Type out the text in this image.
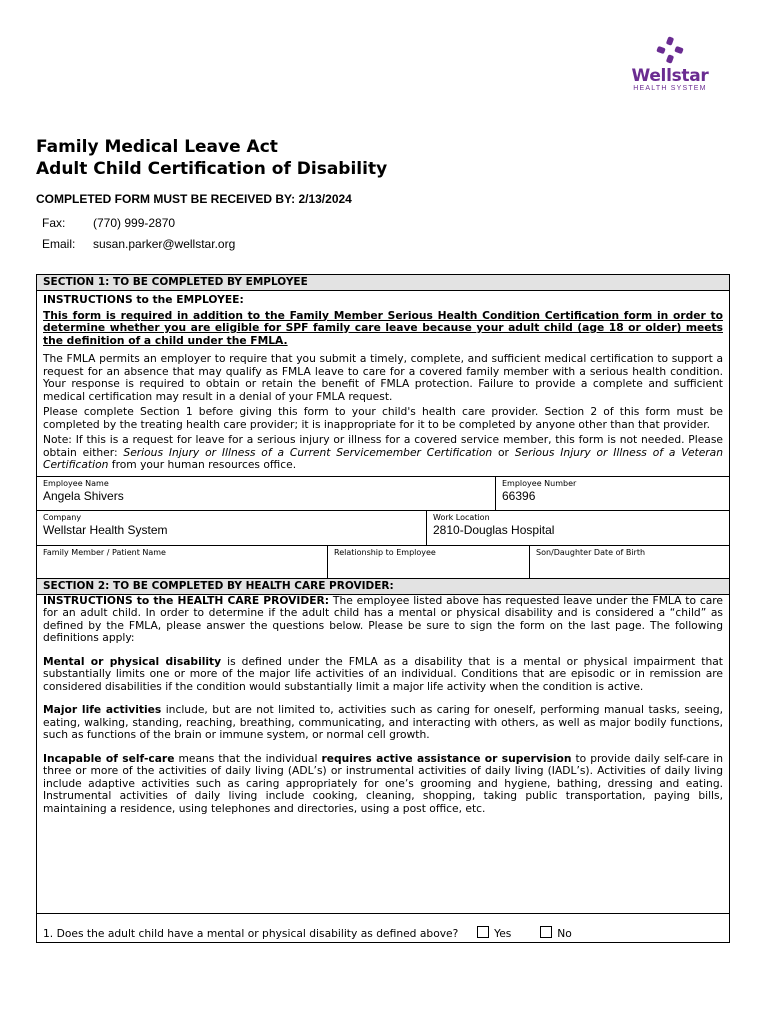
Wellstar
HEALTH SYSTEM
Family Medical Leave Act
Adult Child Certification of Disability
COMPLETED FORM MUST BE RECEIVED BY: 2/13/2024
Fax: (770) 999-2870
Email: susan.parker@wellstar.org
SECTION 1: TO BE COMPLETED BY EMPLOYEE
INSTRUCTIONS to the EMPLOYEE:
This form is required in addition to the Family Member Serious Health Condition Certification form in order to determine whether you are eligible for SPF family care leave because your adult child (age 18 or older) meets the definition of a child under the FMLA.
The FMLA permits an employer to require that you submit a timely, complete, and sufficient medical certification to support a request for an absence that may qualify as FMLA leave to care for a covered family member with a serious health condition. Your response is required to obtain or retain the benefit of FMLA protection. Failure to provide a complete and sufficient medical certification may result in a denial of your FMLA request.
Please complete Section 1 before giving this form to your child's health care provider. Section 2 of this form must be completed by the treating health care provider; it is inappropriate for it to be completed by anyone other than that provider.
Note: If this is a request for leave for a serious injury or illness for a covered service member, this form is not needed. Please obtain either: Serious Injury or Illness of a Current Servicemember Certification or Serious Injury or Illness of a Veteran Certification from your human resources office.
Employee Name
Angela Shivers
Employee Number
66396
Company
Wellstar Health System
Work Location
2810-Douglas Hospital
Family Member / Patient Name	Relationship to Employee	Son/Daughter Date of Birth
SECTION 2: TO BE COMPLETED BY HEALTH CARE PROVIDER:
INSTRUCTIONS to the HEALTH CARE PROVIDER: The employee listed above has requested leave under the FMLA to care for an adult child. In order to determine if the adult child has a mental or physical disability and is considered a “child” as defined by the FMLA, please answer the questions below. Please be sure to sign the form on the last page. The following definitions apply:
Mental or physical disability is defined under the FMLA as a disability that is a mental or physical impairment that substantially limits one or more of the major life activities of an individual. Conditions that are episodic or in remission are considered disabilities if the condition would substantially limit a major life activity when the condition is active.
Major life activities include, but are not limited to, activities such as caring for oneself, performing manual tasks, seeing, eating, walking, standing, reaching, breathing, communicating, and interacting with others, as well as major bodily functions, such as functions of the brain or immune system, or normal cell growth.
Incapable of self-care means that the individual requires active assistance or supervision to provide daily self-care in three or more of the activities of daily living (ADL’s) or instrumental activities of daily living (IADL’s). Activities of daily living include adaptive activities such as caring appropriately for one’s grooming and hygiene, bathing, dressing and eating. Instrumental activities of daily living include cooking, cleaning, shopping, taking public transportation, paying bills, maintaining a residence, using telephones and directories, using a post office, etc.
1. Does the adult child have a mental or physical disability as defined above?	Yes	No
